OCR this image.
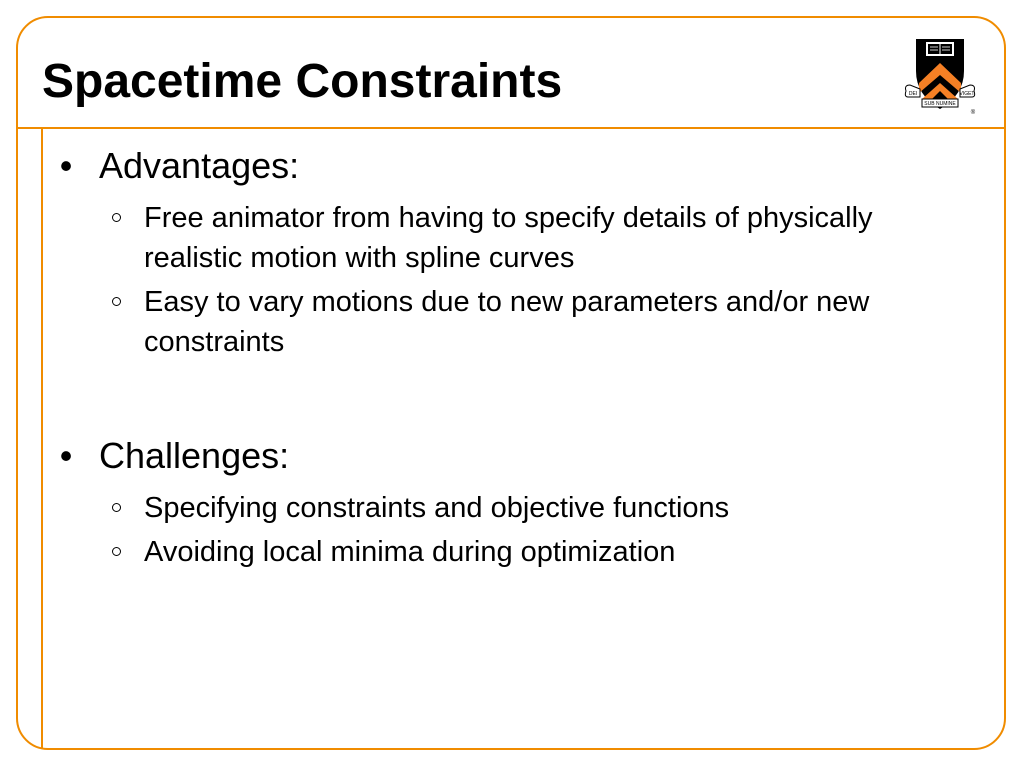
Spacetime Constraints	DEI
SUB NUMINE
VIGET
®
• Advantages:
Free animator from having to specify details of physically realistic motion with spline curves
Easy to vary motions due to new parameters and/or new constraints
• Challenges:
Specifying constraints and objective functions
Avoiding local minima during optimization
